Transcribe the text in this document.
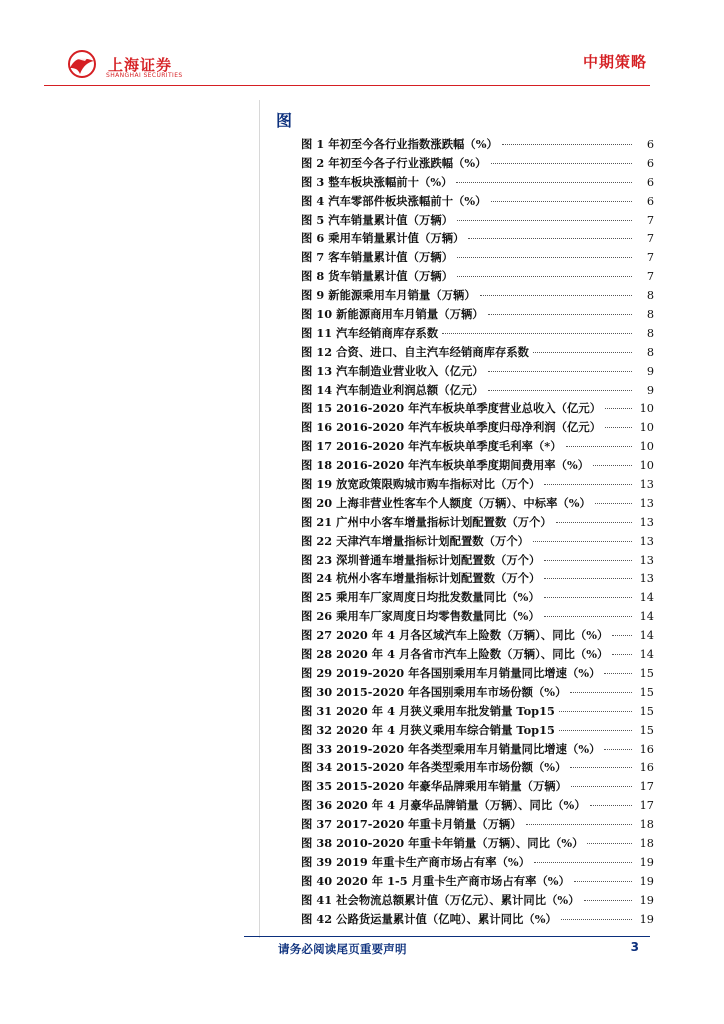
上海证券
SHANGHAI SECURITIES
中期策略
图
图 1 年初至今各行业指数涨跌幅（%）	6
图 2 年初至今各子行业涨跌幅（%）	6
图 3 整车板块涨幅前十（%）	6
图 4 汽车零部件板块涨幅前十（%）	6
图 5 汽车销量累计值（万辆）	7
图 6 乘用车销量累计值（万辆）	7
图 7 客车销量累计值（万辆）	7
图 8 货车销量累计值（万辆）	7
图 9 新能源乘用车月销量（万辆）	8
图 10 新能源商用车月销量（万辆）	8
图 11 汽车经销商库存系数	8
图 12 合资、进口、自主汽车经销商库存系数	8
图 13 汽车制造业营业收入（亿元）	9
图 14 汽车制造业利润总额（亿元）	9
图 15 2016-2020 年汽车板块单季度营业总收入（亿元）	10
图 16 2016-2020 年汽车板块单季度归母净利润（亿元）	10
图 17 2016-2020 年汽车板块单季度毛利率（*）	10
图 18 2016-2020 年汽车板块单季度期间费用率（%）	10
图 19 放宽政策限购城市购车指标对比（万个）	13
图 20 上海非营业性客车个人额度（万辆）、中标率（%）	13
图 21 广州中小客车增量指标计划配置数（万个）	13
图 22 天津汽车增量指标计划配置数（万个）	13
图 23 深圳普通车增量指标计划配置数（万个）	13
图 24 杭州小客车增量指标计划配置数（万个）	13
图 25 乘用车厂家周度日均批发数量同比（%）	14
图 26 乘用车厂家周度日均零售数量同比（%）	14
图 27 2020 年 4 月各区域汽车上险数（万辆）、同比（%）	14
图 28 2020 年 4 月各省市汽车上险数（万辆）、同比（%）	14
图 29 2019-2020 年各国别乘用车月销量同比增速（%）	15
图 30 2015-2020 年各国别乘用车市场份额（%）	15
图 31 2020 年 4 月狭义乘用车批发销量 Top15	15
图 32 2020 年 4 月狭义乘用车综合销量 Top15	15
图 33 2019-2020 年各类型乘用车月销量同比增速（%）	16
图 34 2015-2020 年各类型乘用车市场份额（%）	16
图 35 2015-2020 年豪华品牌乘用车销量（万辆）	17
图 36 2020 年 4 月豪华品牌销量（万辆）、同比（%）	17
图 37 2017-2020 年重卡月销量（万辆）	18
图 38 2010-2020 年重卡年销量（万辆）、同比（%）	18
图 39 2019 年重卡生产商市场占有率（%）	19
图 40 2020 年 1-5 月重卡生产商市场占有率（%）	19
图 41 社会物流总额累计值（万亿元）、累计同比（%）	19
图 42 公路货运量累计值（亿吨）、累计同比（%）	19
请务必阅读尾页重要声明	3
